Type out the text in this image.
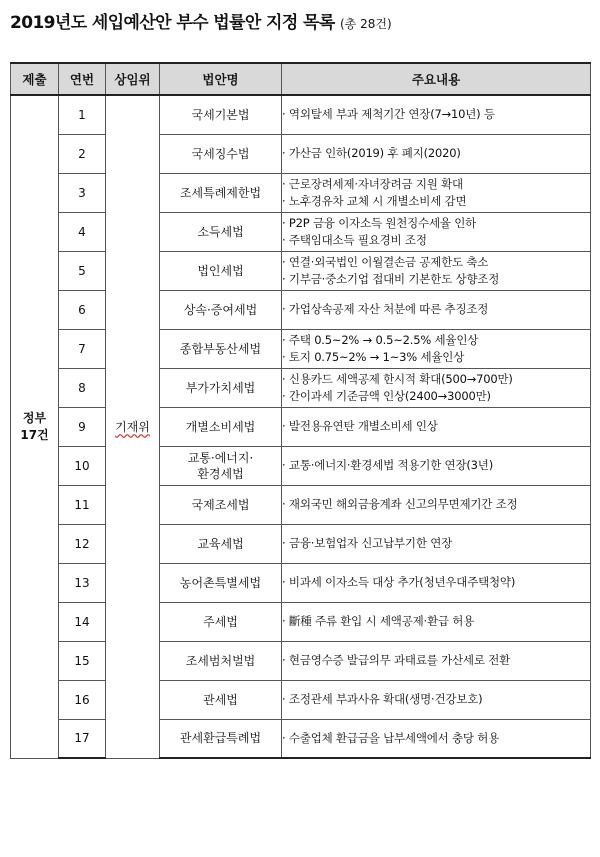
2019년도 세입예산안 부수 법률안 지정 목록 (총 28건)
제출	연번	상임위	법안명	주요내용
정부
17건	1	기재위	국세기본법	· 역외탈세 부과 제척기간 연장(7→10년) 등

	2		국세징수법	· 가산금 인하(2019) 후 폐지(2020)

	3		조세특례제한법	· 근로장려세제·자녀장려금 지원 확대
· 노후경유차 교체 시 개별소비세 감면

	4		소득세법	· P2P 금융 이자소득 원천징수세율 인하
· 주택임대소득 필요경비 조정

	5		법인세법	· 연결·외국법인 이월결손금 공제한도 축소
· 기부금·중소기업 접대비 기본한도 상향조정

	6		상속·증여세법	· 가업상속공제 자산 처분에 따른 추징조정

	7		종합부동산세법	· 주택 0.5~2% → 0.5~2.5% 세율인상
· 토지 0.75~2% → 1~3% 세율인상

	8		부가가치세법	· 신용카드 세액공제 한시적 확대(500→700만)
· 간이과세 기준금액 인상(2400→3000만)

	9		개별소비세법	· 발전용유연탄 개별소비세 인상

	10		교통·에너지·
환경세법	· 교통·에너지·환경세법 적용기한 연장(3년)

	11		국제조세법	· 재외국민 해외금융계좌 신고의무면제기간 조정

	12		교육세법	· 금융·보험업자 신고납부기한 연장

	13		농어촌특별세법	· 비과세 이자소득 대상 추가(청년우대주택청약)

	14		주세법	· 斷種 주류 환입 시 세액공제·환급 허용

	15		조세범처벌법	· 현금영수증 발급의무 과태료를 가산세로 전환

	16		관세법	· 조정관세 부과사유 확대(생명·건강보호)

	17		관세환급특례법	· 수출업체 환급금을 납부세액에서 충당 허용
